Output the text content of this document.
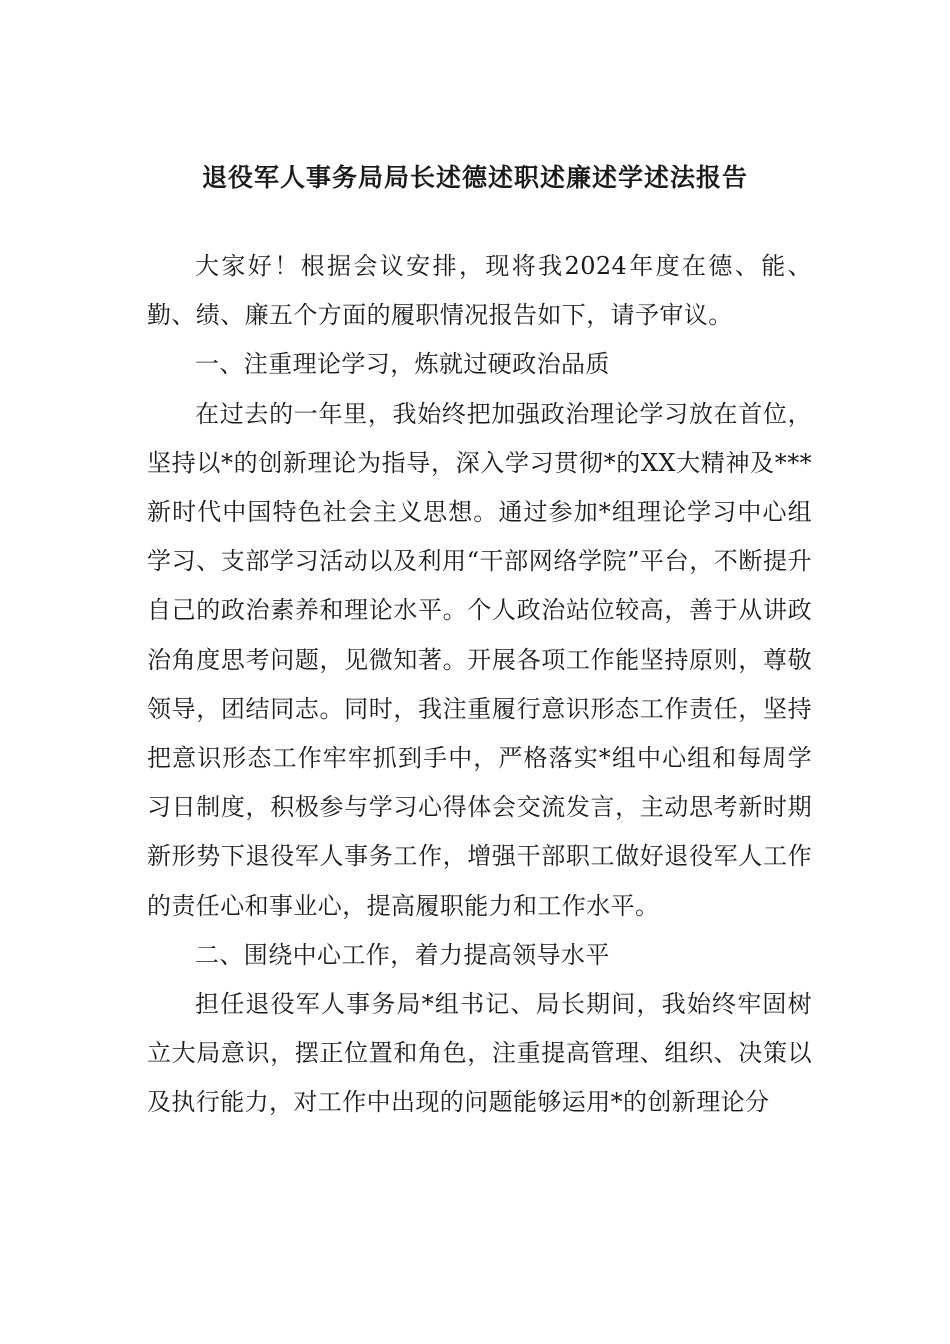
退役军人事务局局长述德述职述廉述学述法报告

大家好！根据会议安排，现将我2024年度在德、能、勤、绩、廉五个方面的履职情况报告如下，请予审议。

一、注重理论学习，炼就过硬政治品质

在过去的一年里，我始终把加强政治理论学习放在首位，坚持以*的创新理论为指导，深入学习贯彻*的XX大精神及***新时代中国特色社会主义思想。通过参加*组理论学习中心组学习、支部学习活动以及利用“干部网络学院”平台，不断提升自己的政治素养和理论水平。个人政治站位较高，善于从讲政治角度思考问题，见微知著。开展各项工作能坚持原则，尊敬领导，团结同志。同时，我注重履行意识形态工作责任，坚持把意识形态工作牢牢抓到手中，严格落实*组中心组和每周学习日制度，积极参与学习心得体会交流发言，主动思考新时期新形势下退役军人事务工作，增强干部职工做好退役军人工作的责任心和事业心，提高履职能力和工作水平。

二、围绕中心工作，着力提高领导水平

担任退役军人事务局*组书记、局长期间，我始终牢固树立大局意识，摆正位置和角色，注重提高管理、组织、决策以及执行能力，对工作中出现的问题能够运用*的创新理论分
